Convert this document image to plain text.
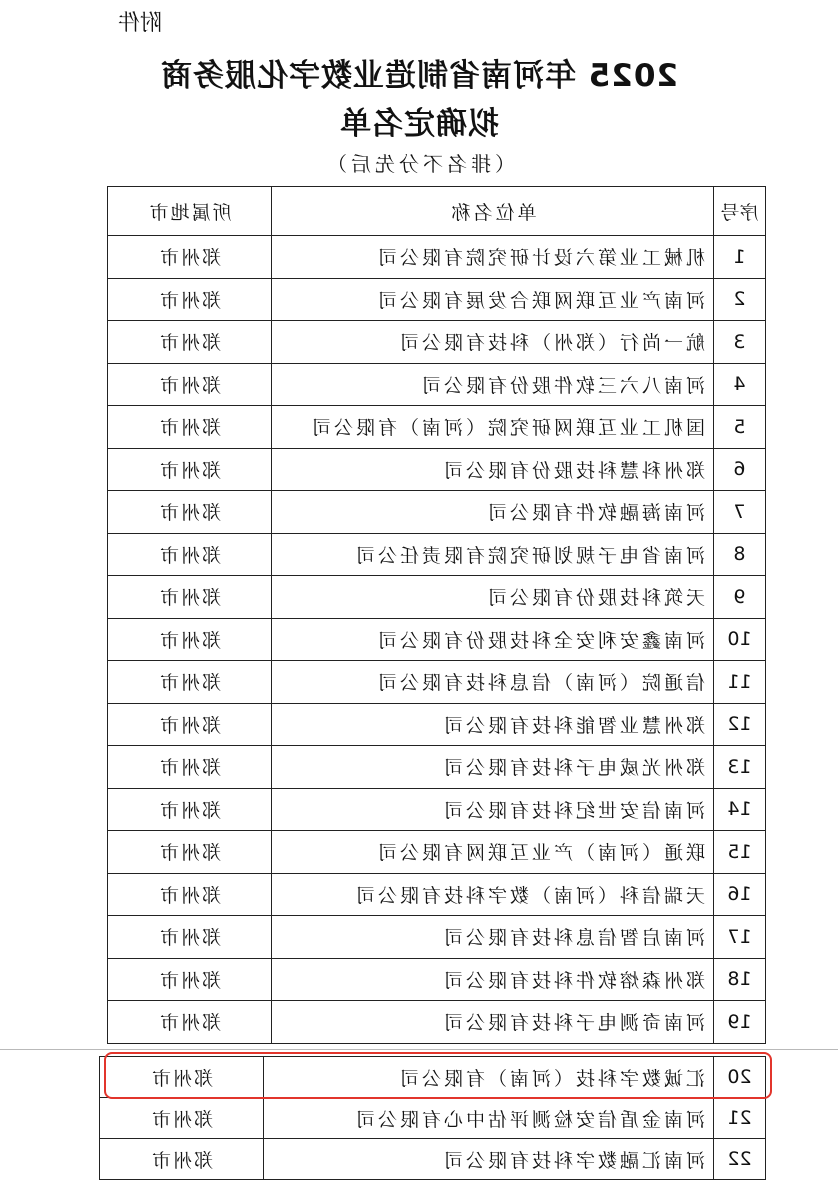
附件
2025 年河南省制造业数字化服务商
拟确定名单
（排名不分先后）
序号	单位名称	所属地市
1	机械工业第六设计研究院有限公司	郑州市
2	河南产业互联网联合发展有限公司	郑州市
3	航一尚行（郑州）科技有限公司	郑州市
4	河南八六三软件股份有限公司	郑州市
5	国机工业互联网研究院（河南）有限公司	郑州市
6	郑州科慧科技股份有限公司	郑州市
7	河南海融软件有限公司	郑州市
8	河南省电子规划研究院有限责任公司	郑州市
9	天筑科技股份有限公司	郑州市
10	河南鑫安利安全科技股份有限公司	郑州市
11	信通院（河南）信息科技有限公司	郑州市
12	郑州慧业智能科技有限公司	郑州市
13	郑州光威电子科技有限公司	郑州市
14	河南信安世纪科技有限公司	郑州市
15	联通（河南）产业互联网有限公司	郑州市
16	天瑞信科（河南）数字科技有限公司	郑州市
17	河南启智信息科技有限公司	郑州市
18	郑州森熔软件科技有限公司	郑州市
19	河南奇测电子科技有限公司	郑州市
20	汇诚数字科技（河南）有限公司	郑州市
21	河南金盾信安检测评估中心有限公司	郑州市
22	河南汇融数字科技有限公司	郑州市
